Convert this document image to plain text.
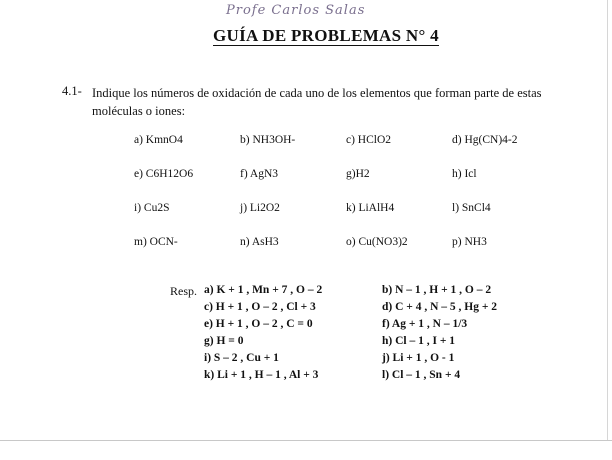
Profe Carlos Salas
GUÍA DE PROBLEMAS N° 4
4.1- Indique los números de oxidación de cada uno de los elementos que forman parte de estas
moléculas o iones:
a) KmnO4	b) NH3OH-	c) HClO2	d) Hg(CN)4-2
e) C6H12O6	f) AgN3	g)H2	h) Icl
i) Cu2S	j) Li2O2	k) LiAlH4	l) SnCl4
m) OCN-	n) AsH3	o) Cu(NO3)2	p) NH3
Resp. a) K + 1 , Mn + 7 , O – 2	b) N – 1 , H + 1 , O – 2
c) H + 1 , O – 2 , Cl + 3	d) C + 4 , N – 5 , Hg + 2
e) H + 1 , O – 2 , C = 0	f) Ag + 1 , N – 1/3
g) H = 0	h) Cl – 1 , I + 1
i) S – 2 , Cu + 1	j) Li + 1 , O - 1
k) Li + 1 , H – 1 , Al + 3	l) Cl – 1 , Sn + 4
